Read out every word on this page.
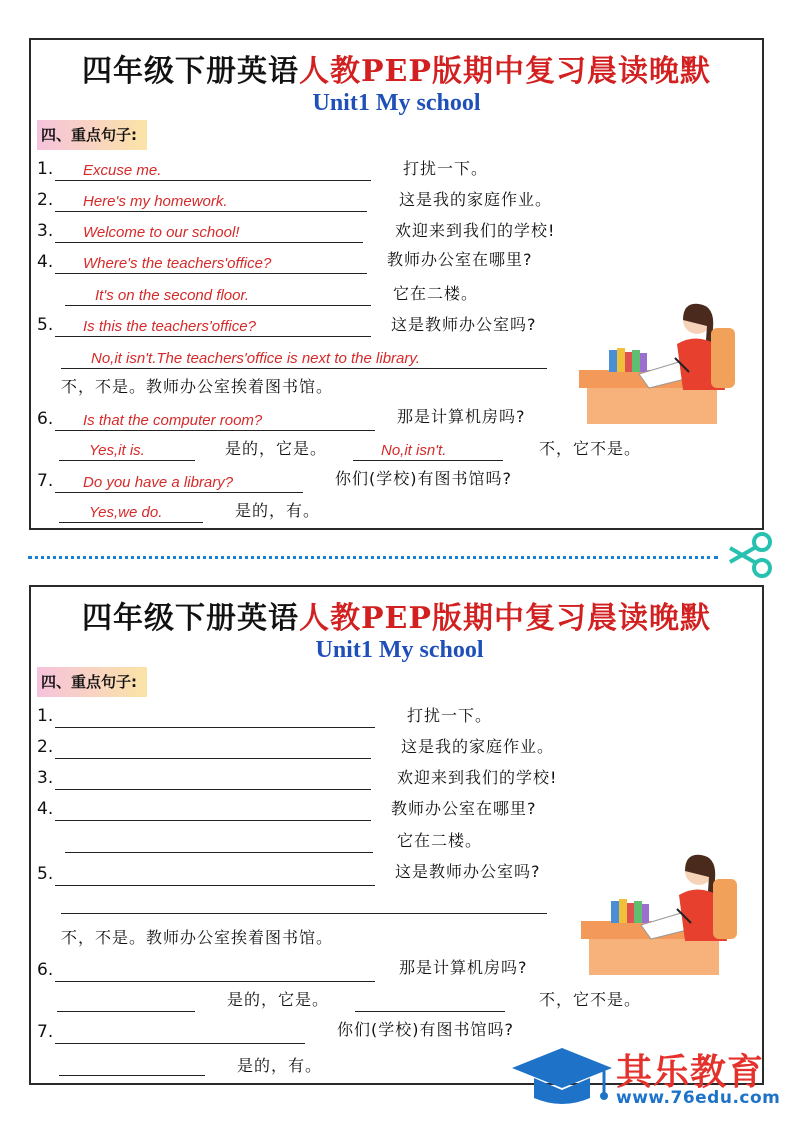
四年级下册英语人教PEP版期中复习晨读晚默
Unit1 My school
四、重点句子:
1. Excuse me.	打扰一下。
2. Here's my homework.	这是我的家庭作业。
3. Welcome to our school!	欢迎来到我们的学校!
4. Where's the teachers'office?	教师办公室在哪里?
It's on the second floor.	它在二楼。
5. Is this the teachers'office?	这是教师办公室吗?
No,it isn't.The teachers'office is next to the library.
不，不是。教师办公室挨着图书馆。
6. Is that the computer room?	那是计算机房吗?
Yes,it is.	是的，它是。	No,it isn't.	不，它不是。
7. Do you have a library?	你们(学校)有图书馆吗?
Yes,we do.	是的，有。
四年级下册英语人教PEP版期中复习晨读晚默
Unit1 My school
四、重点句子:
1.	打扰一下。
2.	这是我的家庭作业。
3.	欢迎来到我们的学校!
4.	教师办公室在哪里?
它在二楼。
5.	这是教师办公室吗?
不，不是。教师办公室挨着图书馆。
6.	那是计算机房吗?
是的，它是。	不，它不是。
7.	你们(学校)有图书馆吗?
是的，有。	其乐教育
www.76edu.com
